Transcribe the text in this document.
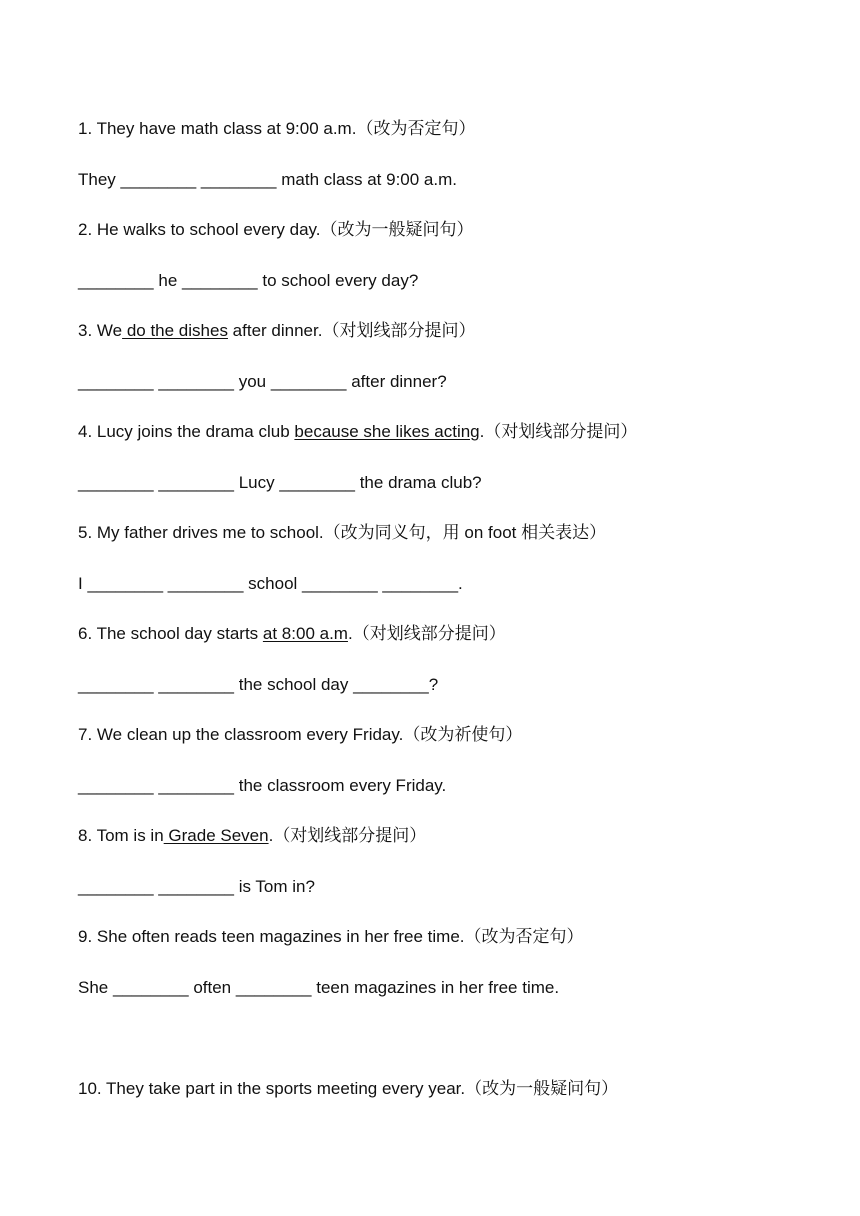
1. They have math class at 9:00 a.m.（改为否定句）
They ________ ________ math class at 9:00 a.m.
2. He walks to school every day.（改为一般疑问句）
________ he ________ to school every day?
3. We do the dishes after dinner.（对划线部分提问）
________ ________ you ________ after dinner?
4. Lucy joins the drama club because she likes acting.（对划线部分提问）
________ ________ Lucy ________ the drama club?
5. My father drives me to school.（改为同义句，用 on foot 相关表达）
I ________ ________ school ________ ________.
6. The school day starts at 8:00 a.m.（对划线部分提问）
________ ________ the school day ________?
7. We clean up the classroom every Friday.（改为祈使句）
________ ________ the classroom every Friday.
8. Tom is in Grade Seven.（对划线部分提问）
________ ________ is Tom in?
9. She often reads teen magazines in her free time.（改为否定句）
She ________ often ________ teen magazines in her free time.
10. They take part in the sports meeting every year.（改为一般疑问句）
